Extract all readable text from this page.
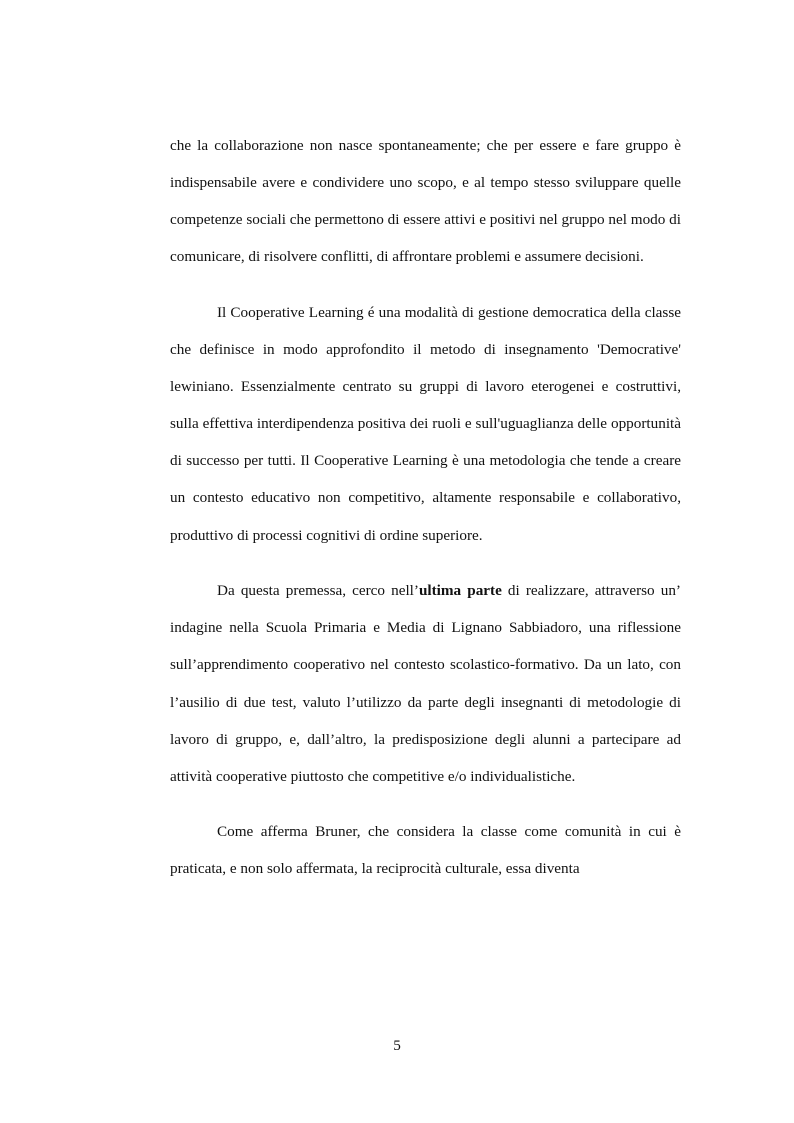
che la collaborazione non nasce spontaneamente; che per essere e fare gruppo è indispensabile avere e condividere uno scopo, e al tempo stesso sviluppare quelle competenze sociali che permettono di essere attivi e positivi nel gruppo nel modo di comunicare, di risolvere conflitti, di affrontare problemi e assumere decisioni.

Il Cooperative Learning é una modalità di gestione democratica della classe che definisce in modo approfondito il metodo di insegnamento 'Democrative' lewiniano. Essenzialmente centrato su gruppi di lavoro eterogenei e costruttivi, sulla effettiva interdipendenza positiva dei ruoli e sull'uguaglianza delle opportunità di successo per tutti. Il Cooperative Learning è una metodologia che tende a creare un contesto educativo non competitivo, altamente responsabile e collaborativo, produttivo di processi cognitivi di ordine superiore.

Da questa premessa, cerco nell’ultima parte di realizzare, attraverso un’ indagine nella Scuola Primaria e Media di Lignano Sabbiadoro, una riflessione sull’apprendimento cooperativo nel contesto scolastico-formativo. Da un lato, con l’ausilio di due test, valuto l’utilizzo da parte degli insegnanti di metodologie di lavoro di gruppo, e, dall’altro, la predisposizione degli alunni a partecipare ad attività cooperative piuttosto che competitive e/o individualistiche.

Come afferma Bruner, che considera la classe come comunità in cui è praticata, e non solo affermata, la reciprocità culturale, essa diventa

5
